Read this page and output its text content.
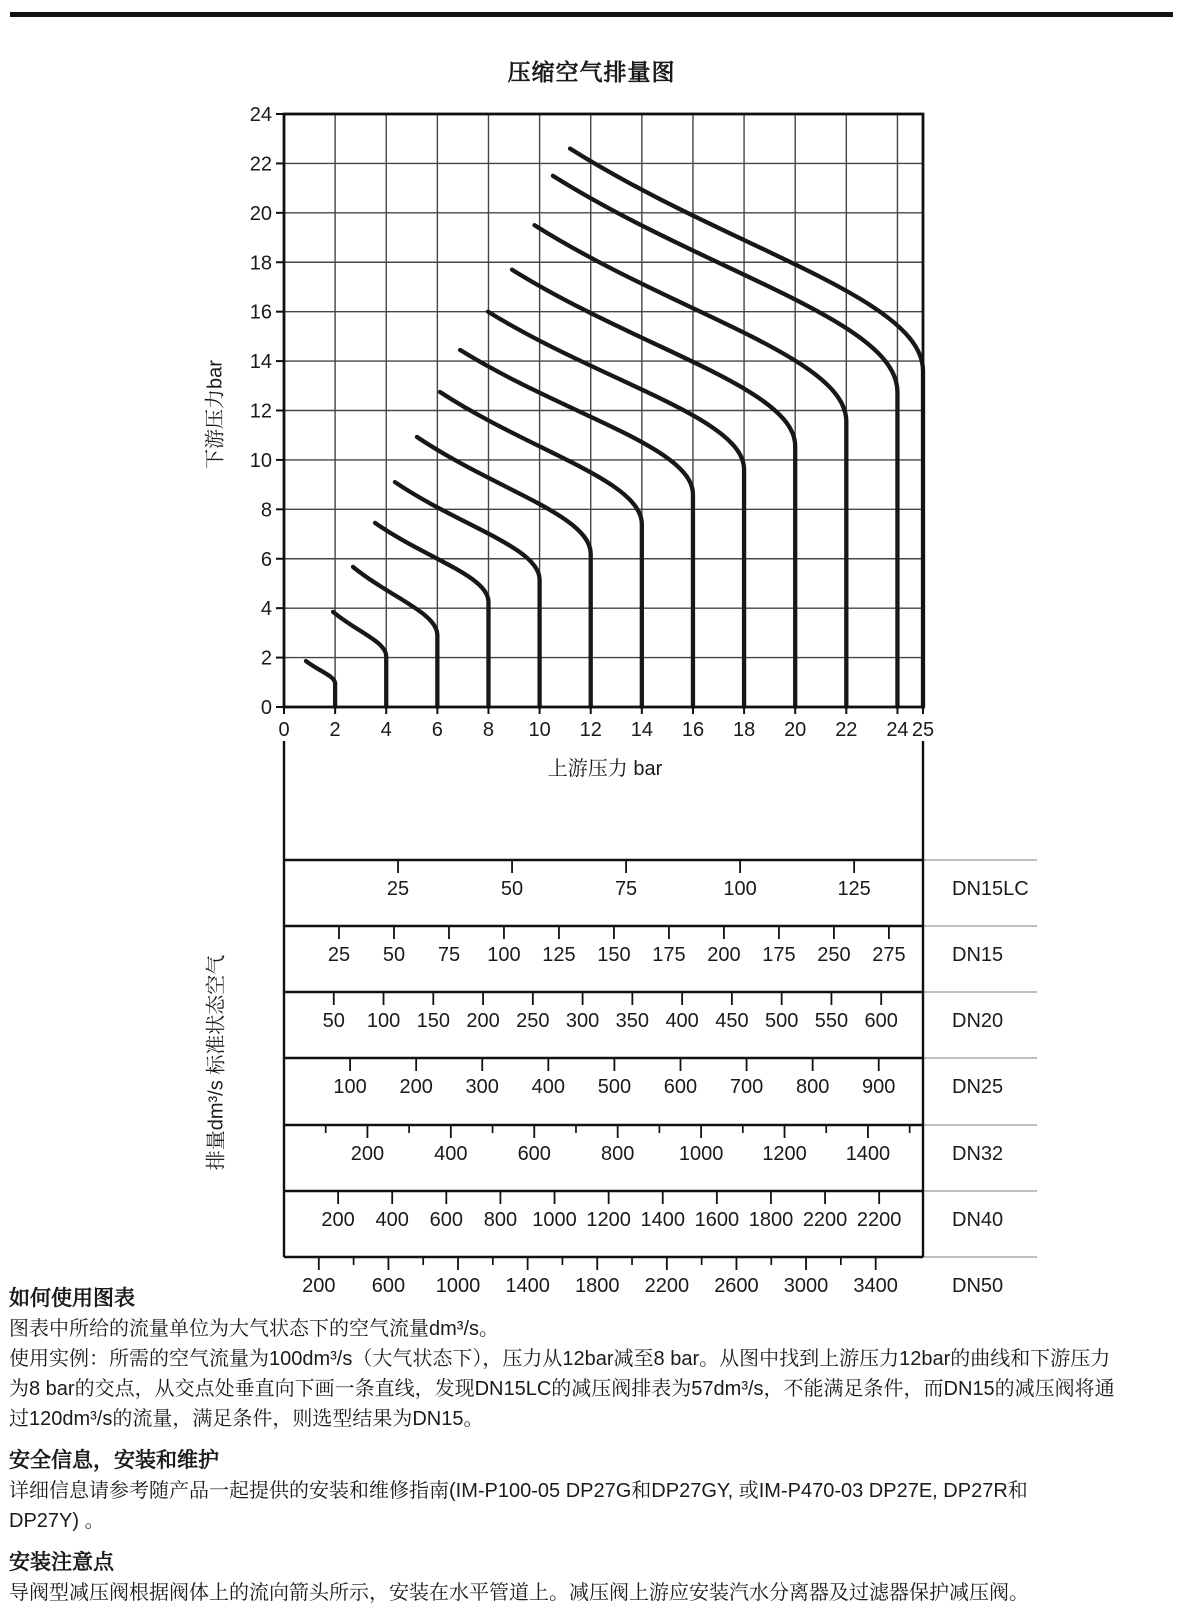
压缩空气排量图
0
2
4
6
8
10
12
14
16
18
20
22
24
0 2 4 6 8 10 12 14 16 18 20 22 24 25
25	50	75	100	125	DN15LC
25 50 75 100 125 150 175 200 175 250 275 DN15
50 100 150 200 250 300 350 400 450 500 550 600	DN20
100 200 300 400 500 600 700 800 900	DN25
200	400	600	800 1000 1200 1400	DN32
200 400 600 800 1000 1200 1400 1600 1800 2200 2200	DN40
200 600 1000 1400 1800 2200 2600 3000 3400	DN50
下游压力bar
上游压力 bar
排量dm³/s 标准状态空气
如何使用图表
图表中所给的流量单位为大气状态下的空气流量dm³/s。
使用实例：所需的空气流量为100dm³/s（大气状态下），压力从12bar减至8 bar。从图中找到上游压力12bar的曲线和下游压力
为8 bar的交点，从交点处垂直向下画一条直线，发现DN15LC的减压阀排表为57dm³/s，不能满足条件，而DN15的减压阀将通
过120dm³/s的流量，满足条件，则选型结果为DN15。
安全信息，安装和维护
详细信息请参考随产品一起提供的安装和维修指南(IM-P100-05 DP27G和DP27GY, 或IM-P470-03 DP27E, DP27R和
DP27Y) 。
安装注意点
导阀型减压阀根据阀体上的流向箭头所示，安装在水平管道上。减压阀上游应安装汽水分离器及过滤器保护减压阀。
